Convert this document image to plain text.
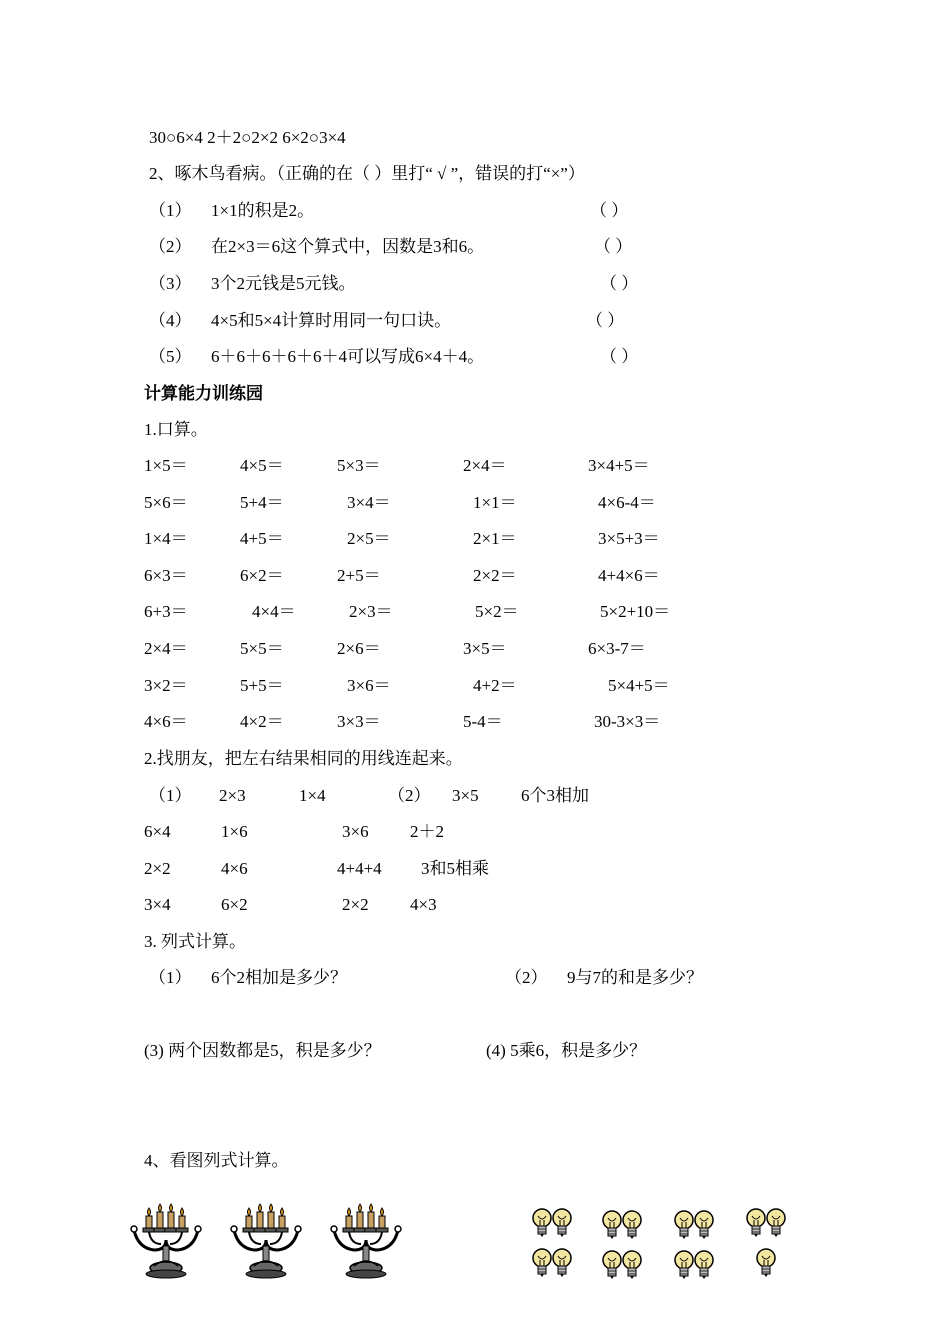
30○6×4 2＋2○2×2 6×2○3×4
2、啄木鸟看病。（正确的在（ ）里打“ √ ”，错误的打“×”）
（1） 1×1的积是2。	（ ）
（2） 在2×3＝6这个算式中，因数是3和6。	（ ）
（3） 3个2元钱是5元钱。	（ ）
（4） 4×5和5×4计算时用同一句口诀。	（ ）
（5） 6＋6＋6＋6＋6＋4可以写成6×4＋4。	（ ）
计算能力训练园
1.口算。
1×5＝	4×5＝	5×3＝	2×4＝	3×4+5＝
5×6＝	5+4＝	3×4＝	1×1＝	4×6-4＝
1×4＝	4+5＝	2×5＝	2×1＝	3×5+3＝
6×3＝	6×2＝	2+5＝	2×2＝	4+4×6＝
6+3＝	4×4＝	2×3＝	5×2＝	5×2+10＝
2×4＝	5×5＝	2×6＝	3×5＝	6×3-7＝
3×2＝	5+5＝	3×6＝	4+2＝	5×4+5＝
4×6＝	4×2＝	3×3＝	5-4＝	30-3×3＝
2.找朋友，把左右结果相同的用线连起来。
（1） 2×3	1×4	（2） 3×5 6个3相加
6×4	1×6	3×6 2＋2
2×2	4×6	4+4+4 3和5相乘
3×4	6×2	2×2 4×3
3. 列式计算。
（1） 6个2相加是多少？	（2） 9与7的和是多少？
(3) 两个因数都是5，积是多少？	(4) 5乘6，积是多少？
4、看图列式计算。
